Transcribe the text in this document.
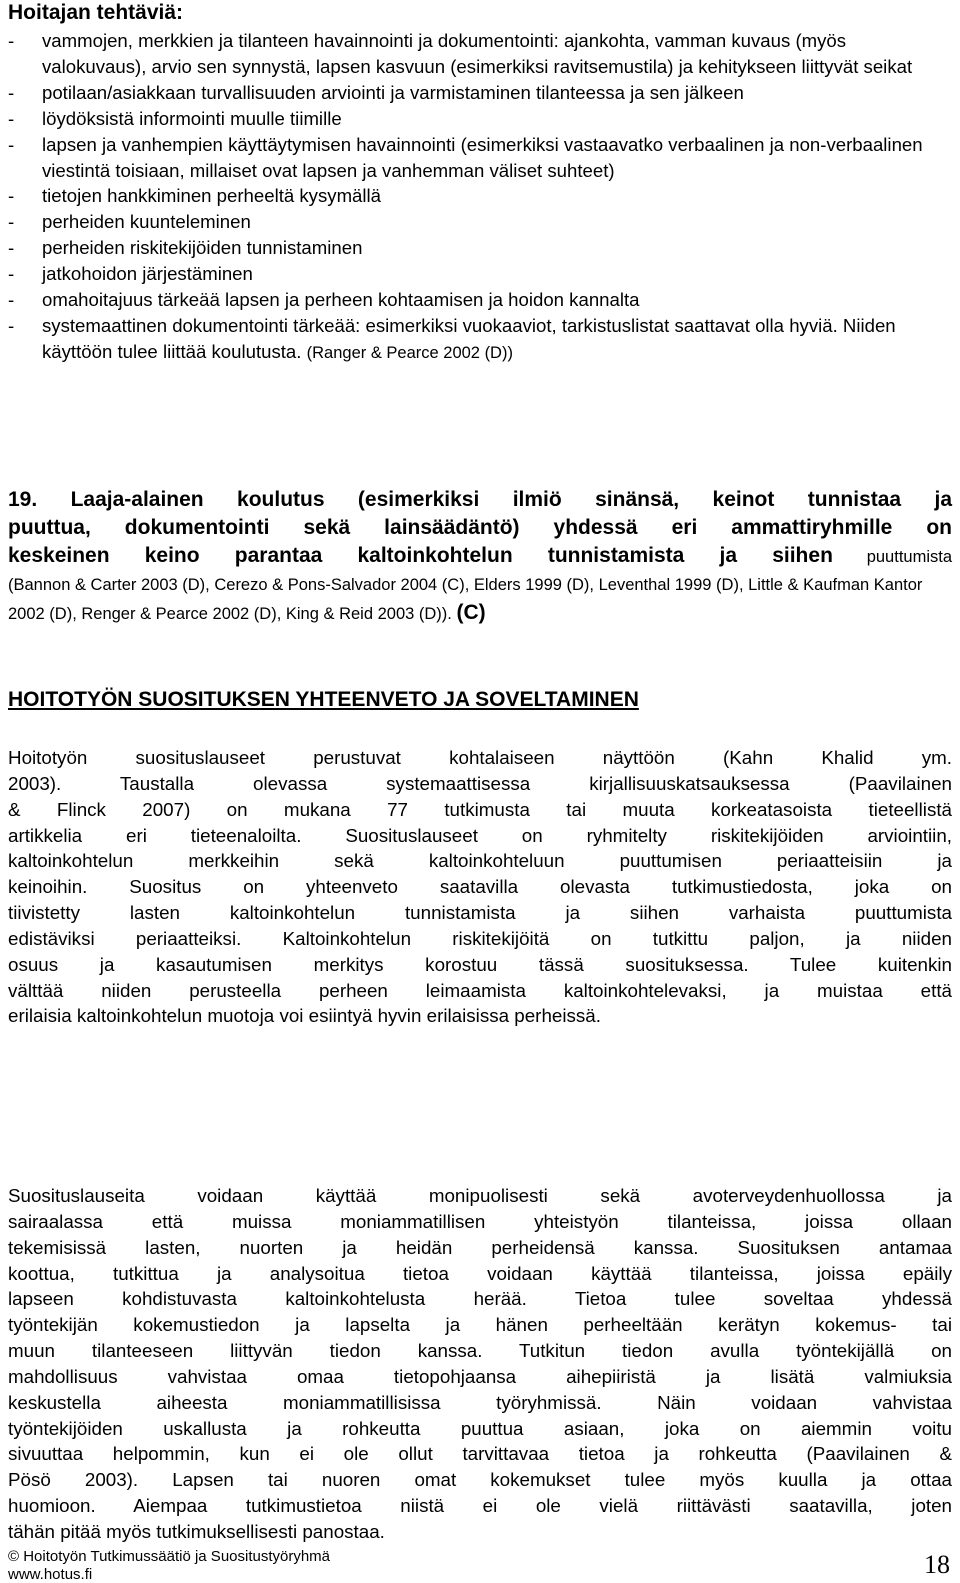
Hoitajan tehtäviä:
- vammojen, merkkien ja tilanteen havainnointi ja dokumentointi: ajankohta, vamman kuvaus (myös valokuvaus), arvio sen synnystä, lapsen kasvuun (esimerkiksi ravitsemustila) ja kehitykseen liittyvät seikat
- potilaan/asiakkaan turvallisuuden arviointi ja varmistaminen tilanteessa ja sen jälkeen
- löydöksistä informointi muulle tiimille
- lapsen ja vanhempien käyttäytymisen havainnointi (esimerkiksi vastaavatko verbaalinen ja non-verbaalinen viestintä toisiaan, millaiset ovat lapsen ja vanhemman väliset suhteet)
- tietojen hankkiminen perheeltä kysymällä
- perheiden kuunteleminen
- perheiden riskitekijöiden tunnistaminen
- jatkohoidon järjestäminen
- omahoitajuus tärkeää lapsen ja perheen kohtaamisen ja hoidon kannalta
- systemaattinen dokumentointi tärkeää: esimerkiksi vuokaaviot, tarkistuslistat saattavat olla hyviä. Niiden käyttöön tulee liittää koulutusta. (Ranger & Pearce 2002 (D))
19. Laaja-alainen koulutus (esimerkiksi ilmiö sinänsä, keinot tunnistaa ja
puuttua, dokumentointi sekä lainsäädäntö) yhdessä eri ammattiryhmille on
keskeinen keino parantaa kaltoinkohtelun tunnistamista ja siihen puuttumista
(Bannon & Carter 2003 (D), Cerezo & Pons-Salvador 2004 (C), Elders 1999 (D), Leventhal 1999 (D), Little & Kaufman Kantor 2002 (D), Renger & Pearce 2002 (D), King & Reid 2003 (D)). (C)
HOITOTYÖN SUOSITUKSEN YHTEENVETO JA SOVELTAMINEN
Hoitotyön suosituslauseet perustuvat kohtalaiseen näyttöön (Kahn Khalid ym.
2003). Taustalla olevassa systemaattisessa kirjallisuuskatsauksessa (Paavilainen
& Flinck 2007) on mukana 77 tutkimusta tai muuta korkeatasoista tieteellistä
artikkelia eri tieteenaloilta. Suosituslauseet on ryhmitelty riskitekijöiden arviointiin,
kaltoinkohtelun merkkeihin sekä kaltoinkohteluun puuttumisen periaatteisiin ja
keinoihin. Suositus on yhteenveto saatavilla olevasta tutkimustiedosta, joka on
tiivistetty lasten kaltoinkohtelun tunnistamista ja siihen varhaista puuttumista
edistäviksi periaatteiksi. Kaltoinkohtelun riskitekijöitä on tutkittu paljon, ja niiden
osuus ja kasautumisen merkitys korostuu tässä suosituksessa. Tulee kuitenkin
välttää niiden perusteella perheen leimaamista kaltoinkohtelevaksi, ja muistaa että
erilaisia kaltoinkohtelun muotoja voi esiintyä hyvin erilaisissa perheissä.
Suosituslauseita voidaan käyttää monipuolisesti sekä avoterveydenhuollossa ja
sairaalassa että muissa moniammatillisen yhteistyön tilanteissa, joissa ollaan
tekemisissä lasten, nuorten ja heidän perheidensä kanssa. Suosituksen antamaa
koottua, tutkittua ja analysoitua tietoa voidaan käyttää tilanteissa, joissa epäily
lapseen kohdistuvasta kaltoinkohtelusta herää. Tietoa tulee soveltaa yhdessä
työntekijän kokemustiedon ja lapselta ja hänen perheeltään kerätyn kokemus- tai
muun tilanteeseen liittyvän tiedon kanssa. Tutkitun tiedon avulla työntekijällä on
mahdollisuus vahvistaa omaa tietopohjaansa aihepiiristä ja lisätä valmiuksia
keskustella aiheesta moniammatillisissa työryhmissä. Näin voidaan vahvistaa
työntekijöiden uskallusta ja rohkeutta puuttua asiaan, joka on aiemmin voitu
sivuuttaa helpommin, kun ei ole ollut tarvittavaa tietoa ja rohkeutta (Paavilainen &
Pösö 2003). Lapsen tai nuoren omat kokemukset tulee myös kuulla ja ottaa
huomioon. Aiempaa tutkimustietoa niistä ei ole vielä riittävästi saatavilla, joten
tähän pitää myös tutkimuksellisesti panostaa.
© Hoitotyön Tutkimussäätiö ja Suositustyöryhmä
www.hotus.fi	18
